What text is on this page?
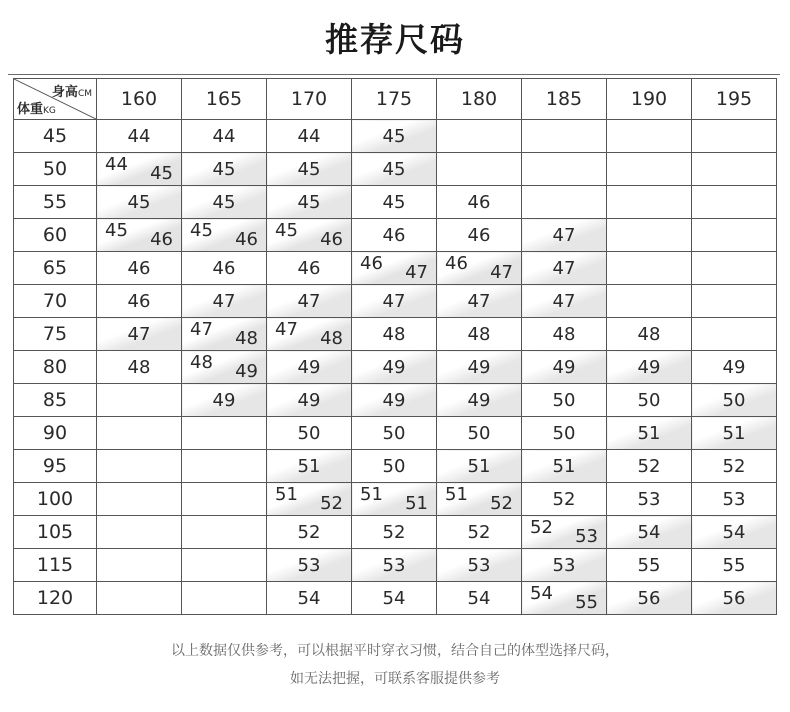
推荐尺码
身高CM
体重KG	160	165	170	175	180	185	190	195
45	44	44	44	45				
50	44 45	45	45	45				
55	45	45	45	45	46			
60	45 46	45 46	45 46	46	46	47		
65	46	46	46	46 47	46 47	47		
70	46	47	47	47	47	47		
75	47	47 48	47 48	48	48	48	48	
80	48	48 49	49	49	49	49	49	49
85		49	49	49	49	50	50	50
90			50	50	50	50	51	51
95			51	50	51	51	52	52
100			51 52	51 51	51 52	52	53	53
105			52	52	52	52 53	54	54
115			53	53	53	53	55	55
120			54	54	54	54 55	56	56
以上数据仅供参考，可以根据平时穿衣习惯，结合自己的体型选择尺码，
如无法把握，可联系客服提供参考
